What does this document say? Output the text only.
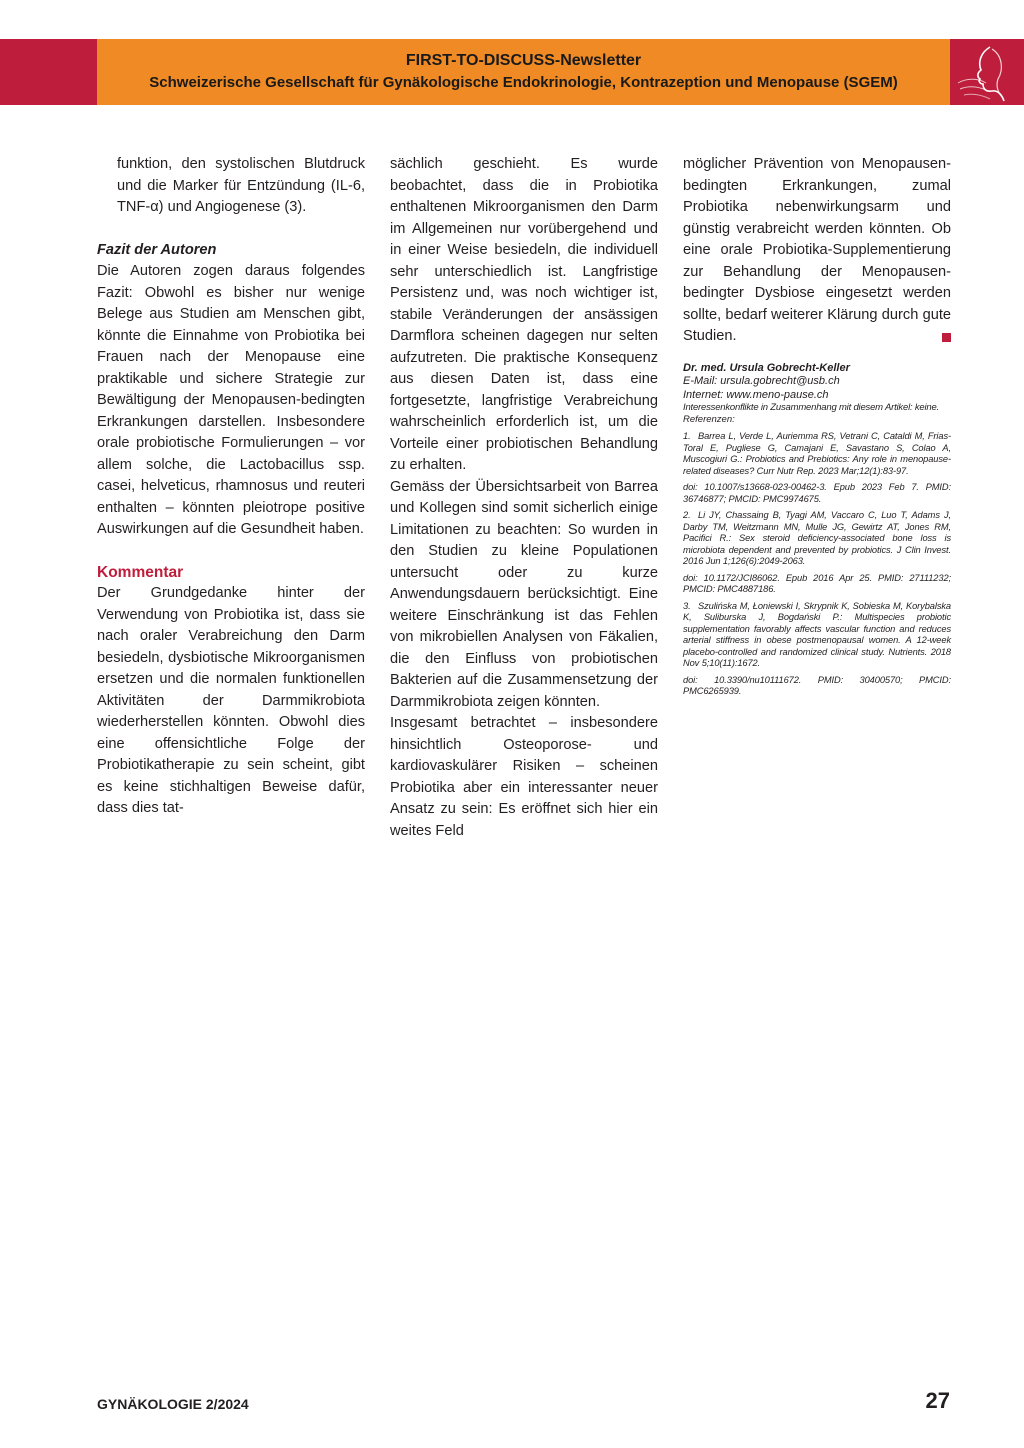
FIRST-TO-DISCUSS-Newsletter
Schweizerische Gesellschaft für Gynäkologische Endokrinologie, Kontrazeption und Menopause (SGEM)

funktion, den systolischen Blutdruck und die Marker für Entzündung (IL-6, TNF-α) und Angiogenese (3).

Fazit der Autoren

Die Autoren zogen daraus folgendes Fazit: Obwohl es bisher nur wenige Belege aus Studien am Menschen gibt, könnte die Einnahme von Probiotika bei Frauen nach der Menopause eine praktikable und sichere Strategie zur Bewältigung der Menopausen-bedingten Erkrankungen darstellen. Insbesondere orale probiotische Formulierungen – vor allem solche, die Lactobacillus ssp. casei, helveticus, rhamnosus und reuteri enthalten – könnten pleiotrope positive Auswirkungen auf die Gesundheit haben.

Kommentar

Der Grundgedanke hinter der Verwendung von Probiotika ist, dass sie nach oraler Verabreichung den Darm besiedeln, dysbiotische Mikroorganismen ersetzen und die normalen funktionellen Aktivitäten der Darmmikrobiota wiederherstellen könnten. Obwohl dies eine offensichtliche Folge der Probiotikatherapie zu sein scheint, gibt es keine stichhaltigen Beweise dafür, dass dies tat-

sächlich geschieht. Es wurde beobachtet, dass die in Probiotika enthaltenen Mikroorganismen den Darm im Allgemeinen nur vorübergehend und in einer Weise besiedeln, die individuell sehr unterschiedlich ist. Langfristige Persistenz und, was noch wichtiger ist, stabile Veränderungen der ansässigen Darmflora scheinen dagegen nur selten aufzutreten. Die praktische Konsequenz aus diesen Daten ist, dass eine fortgesetzte, langfristige Verabreichung wahrscheinlich erforderlich ist, um die Vorteile einer probiotischen Behandlung zu erhalten.

Gemäss der Übersichtsarbeit von Barrea und Kollegen sind somit sicherlich einige Limitationen zu beachten: So wurden in den Studien zu kleine Populationen untersucht oder zu kurze Anwendungsdauern berücksichtigt. Eine weitere Einschränkung ist das Fehlen von mikrobiellen Analysen von Fäkalien, die den Einfluss von probiotischen Bakterien auf die Zusammensetzung der Darmmikrobiota zeigen könnten.

Insgesamt betrachtet – insbesondere hinsichtlich Osteoporose- und kardiovaskulärer Risiken – scheinen Probiotika aber ein interessanter neuer Ansatz zu sein: Es eröffnet sich hier ein weites Feld

möglicher Prävention von Menopausen-bedingten Erkrankungen, zumal Probiotika nebenwirkungsarm und günstig verabreicht werden könnten. Ob eine orale Probiotika-Supplementierung zur Behandlung der Menopausen-bedingter Dysbiose eingesetzt werden sollte, bedarf weiterer Klärung durch gute Studien.

Dr. med. Ursula Gobrecht-Keller
E-Mail: ursula.gobrecht@usb.ch
Internet: www.meno-pause.ch

Interessenkonflikte in Zusammenhang mit diesem Artikel: keine.

Referenzen:

1. Barrea L, Verde L, Auriemma RS, Vetrani C, Cataldi M, Frias-Toral E, Pugliese G, Camajani E, Savastano S, Colao A, Muscogiuri G.: Probiotics and Prebiotics: Any role in menopause-related diseases? Curr Nutr Rep. 2023 Mar;12(1):83-97.

doi: 10.1007/s13668-023-00462-3. Epub 2023 Feb 7. PMID: 36746877; PMCID: PMC9974675.

2. Li JY, Chassaing B, Tyagi AM, Vaccaro C, Luo T, Adams J, Darby TM, Weitzmann MN, Mulle JG, Gewirtz AT, Jones RM, Pacifici R.: Sex steroid deficiency-associated bone loss is microbiota dependent and prevented by probiotics. J Clin Invest. 2016 Jun 1;126(6):2049-2063.

doi: 10.1172/JCI86062. Epub 2016 Apr 25. PMID: 27111232; PMCID: PMC4887186.

3. Szulińska M, Łoniewski I, Skrypnik K, Sobieska M, Korybalska K, Suliburska J, Bogdański P.: Multispecies probiotic supplementation favorably affects vascular function and reduces arterial stiffness in obese postmenopausal women. A 12-week placebo-controlled and randomized clinical study. Nutrients. 2018 Nov 5;10(11):1672.

doi: 10.3390/nu10111672. PMID: 30400570; PMCID: PMC6265939.

GYNÄKOLOGIE 2/2024	27
